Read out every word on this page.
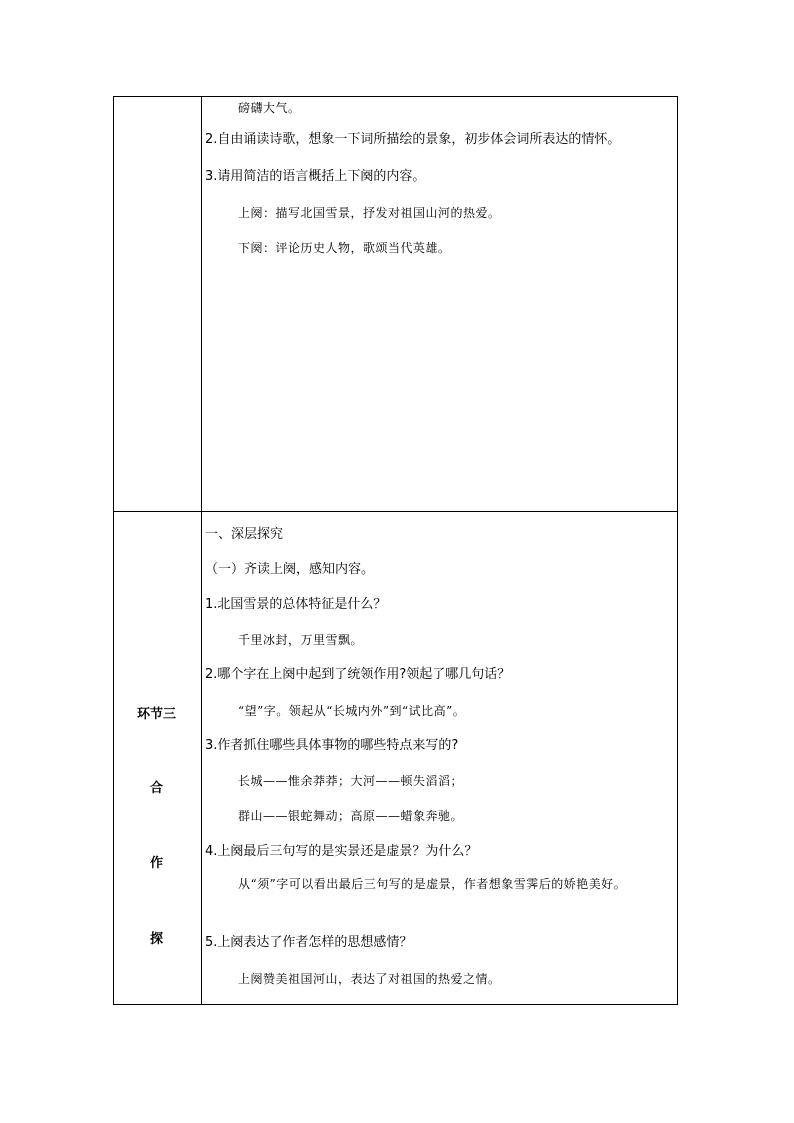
磅礴大气。
2.自由诵读诗歌，想象一下词所描绘的景象，初步体会词所表达的情怀。
3.请用简洁的语言概括上下阕的内容。
上阕：描写北国雪景，抒发对祖国山河的热爱。
下阕：评论历史人物，歌颂当代英雄。
环节三
合
作
探
一、深层探究
（一）齐读上阕，感知内容。
1.北国雪景的总体特征是什么？
千里冰封，万里雪飘。
2.哪个字在上阕中起到了统领作用?领起了哪几句话？
“望”字。领起从“长城内外”到“试比高”。
3.作者抓住哪些具体事物的哪些特点来写的?
长城——惟余莽莽；大河——顿失滔滔；
群山——银蛇舞动；高原——蜡象奔驰。
4.上阕最后三句写的是实景还是虚景？为什么？
从“须”字可以看出最后三句写的是虚景，作者想象雪霁后的娇艳美好。
5.上阕表达了作者怎样的思想感情？
上阕赞美祖国河山，表达了对祖国的热爱之情。
